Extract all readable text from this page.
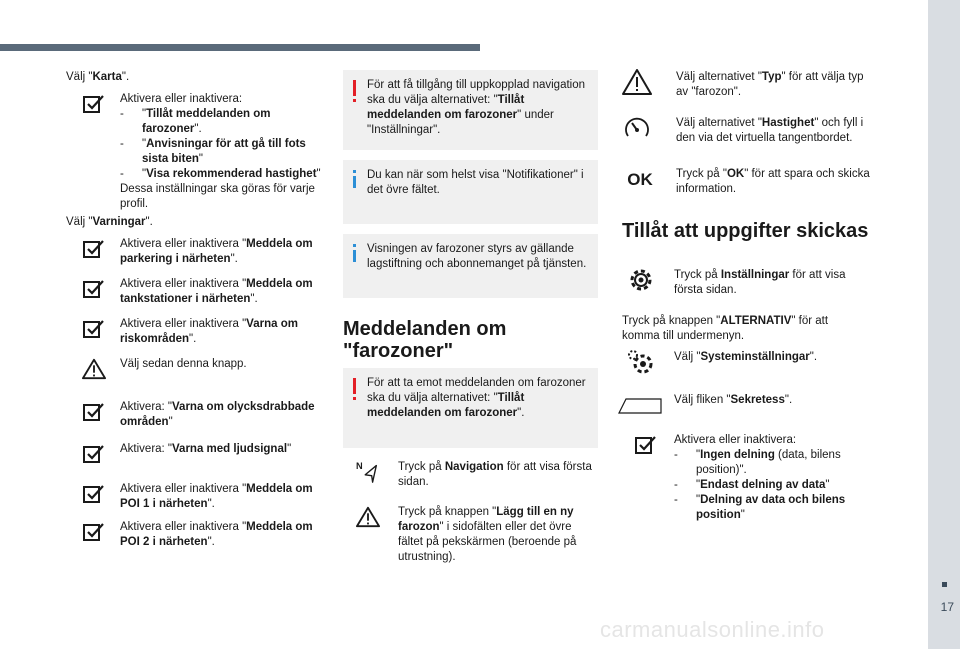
17
carmanualsonline.info
Välj "Karta".
Aktivera eller inaktivera:
-	"Tillåt meddelanden om farozoner".
-	"Anvisningar för att gå till fots sista biten"
-	"Visa rekommenderad hastighet"
Dessa inställningar ska göras för varje profil.
Välj "Varningar".
Aktivera eller inaktivera "Meddela om parkering i närheten".
Aktivera eller inaktivera "Meddela om tankstationer i närheten".
Aktivera eller inaktivera "Varna om riskområden".
Välj sedan denna knapp.
Aktivera: "Varna om olycksdrabbade områden"
Aktivera: "Varna med ljudsignal"
Aktivera eller inaktivera "Meddela om POI 1 i närheten".
Aktivera eller inaktivera "Meddela om POI 2 i närheten".
För att få tillgång till uppkopplad navigation ska du välja alternativet: "Tillåt meddelanden om farozoner" under "Inställningar".
Du kan när som helst visa "Notifikationer" i det övre fältet.
Visningen av farozoner styrs av gällande lagstiftning och abonnemanget på tjänsten.
Meddelanden om "farozoner"
För att ta emot meddelanden om farozoner ska du välja alternativet: "Tillåt meddelanden om farozoner".
N	Tryck på Navigation för att visa första sidan.
Tryck på knappen "Lägg till en ny farozon" i sidofälten eller det övre fältet på pekskärmen (beroende på utrustning).
Välj alternativet "Typ" för att välja typ av "farozon".
Välj alternativet "Hastighet" och fyll i den via det virtuella tangentbordet.
OK	Tryck på "OK" för att spara och skicka information.
Tillåt att uppgifter skickas
Tryck på Inställningar för att visa första sidan.
Tryck på knappen "ALTERNATIV" för att komma till undermenyn.
Välj "Systeminställningar".
Välj fliken "Sekretess".
Aktivera eller inaktivera:
-	"Ingen delning (data, bilens position)".
-	"Endast delning av data"
-	"Delning av data och bilens position"
